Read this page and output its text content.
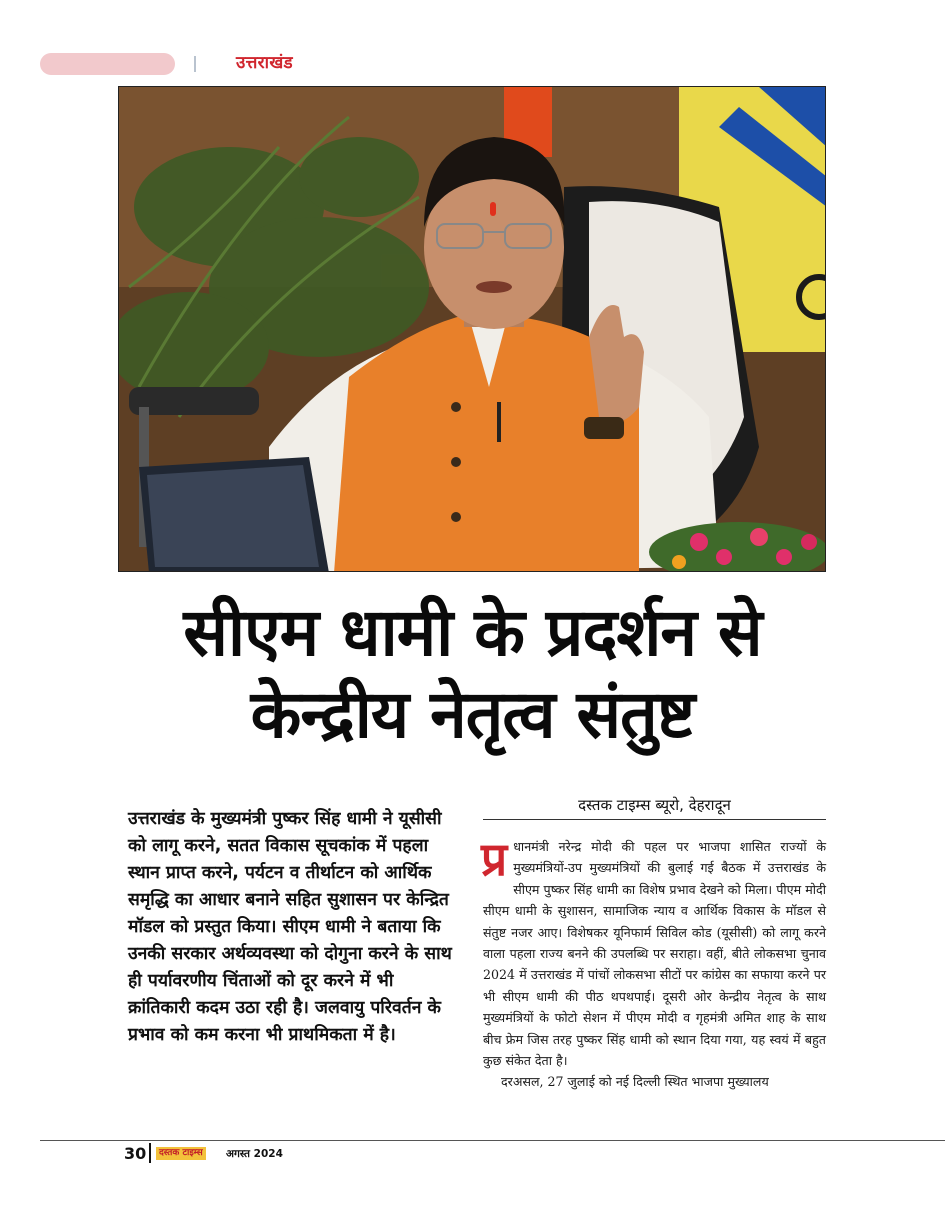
उत्तराखंड
सीएम धामी के प्रदर्शन से
केन्द्रीय नेतृत्व संतुष्ट
उत्तराखंड के मुख्यमंत्री पुष्कर सिंह धामी ने यूसीसी को लागू करने, सतत विकास सूचकांक में पहला स्थान प्राप्त करने, पर्यटन व तीर्थाटन को आर्थिक समृद्धि का आधार बनाने सहित सुशासन पर केन्द्रित मॉडल को प्रस्तुत किया। सीएम धामी ने बताया कि उनकी सरकार अर्थव्यवस्था को दोगुना करने के साथ ही पर्यावरणीय चिंताओं को दूर करने में भी क्रांतिकारी कदम उठा रही है। जलवायु परिवर्तन के प्रभाव को कम करना भी प्राथमिकता में है।
दस्तक टाइम्स ब्यूरो, देहरादून

प्र धानमंत्री नरेन्द्र मोदी की पहल पर भाजपा शासित राज्यों के मुख्यमंत्रियों-उप मुख्यमंत्रियों की बुलाई गई बैठक में उत्तराखंड के सीएम पुष्कर सिंह धामी का विशेष प्रभाव देखने को मिला। पीएम मोदी सीएम धामी के सुशासन, सामाजिक न्याय व आर्थिक विकास के मॉडल से संतुष्ट नजर आए। विशेषकर यूनिफार्म सिविल कोड (यूसीसी) को लागू करने वाला पहला राज्य बनने की उपलब्धि पर सराहा। वहीं, बीते लोकसभा चुनाव 2024 में उत्तराखंड में पांचों लोकसभा सीटों पर कांग्रेस का सफाया करने पर भी सीएम धामी की पीठ थपथपाई। दूसरी ओर केन्द्रीय नेतृत्व के साथ मुख्यमंत्रियों के फोटो सेशन में पीएम मोदी व गृहमंत्री अमित शाह के साथ बीच फ्रेम जिस तरह पुष्कर सिंह धामी को स्थान दिया गया, यह स्वयं में बहुत कुछ संकेत देता है।

दरअसल, 27 जुलाई को नई दिल्ली स्थित भाजपा मुख्यालय

30	दस्तक टाइम्स अगस्त 2024
